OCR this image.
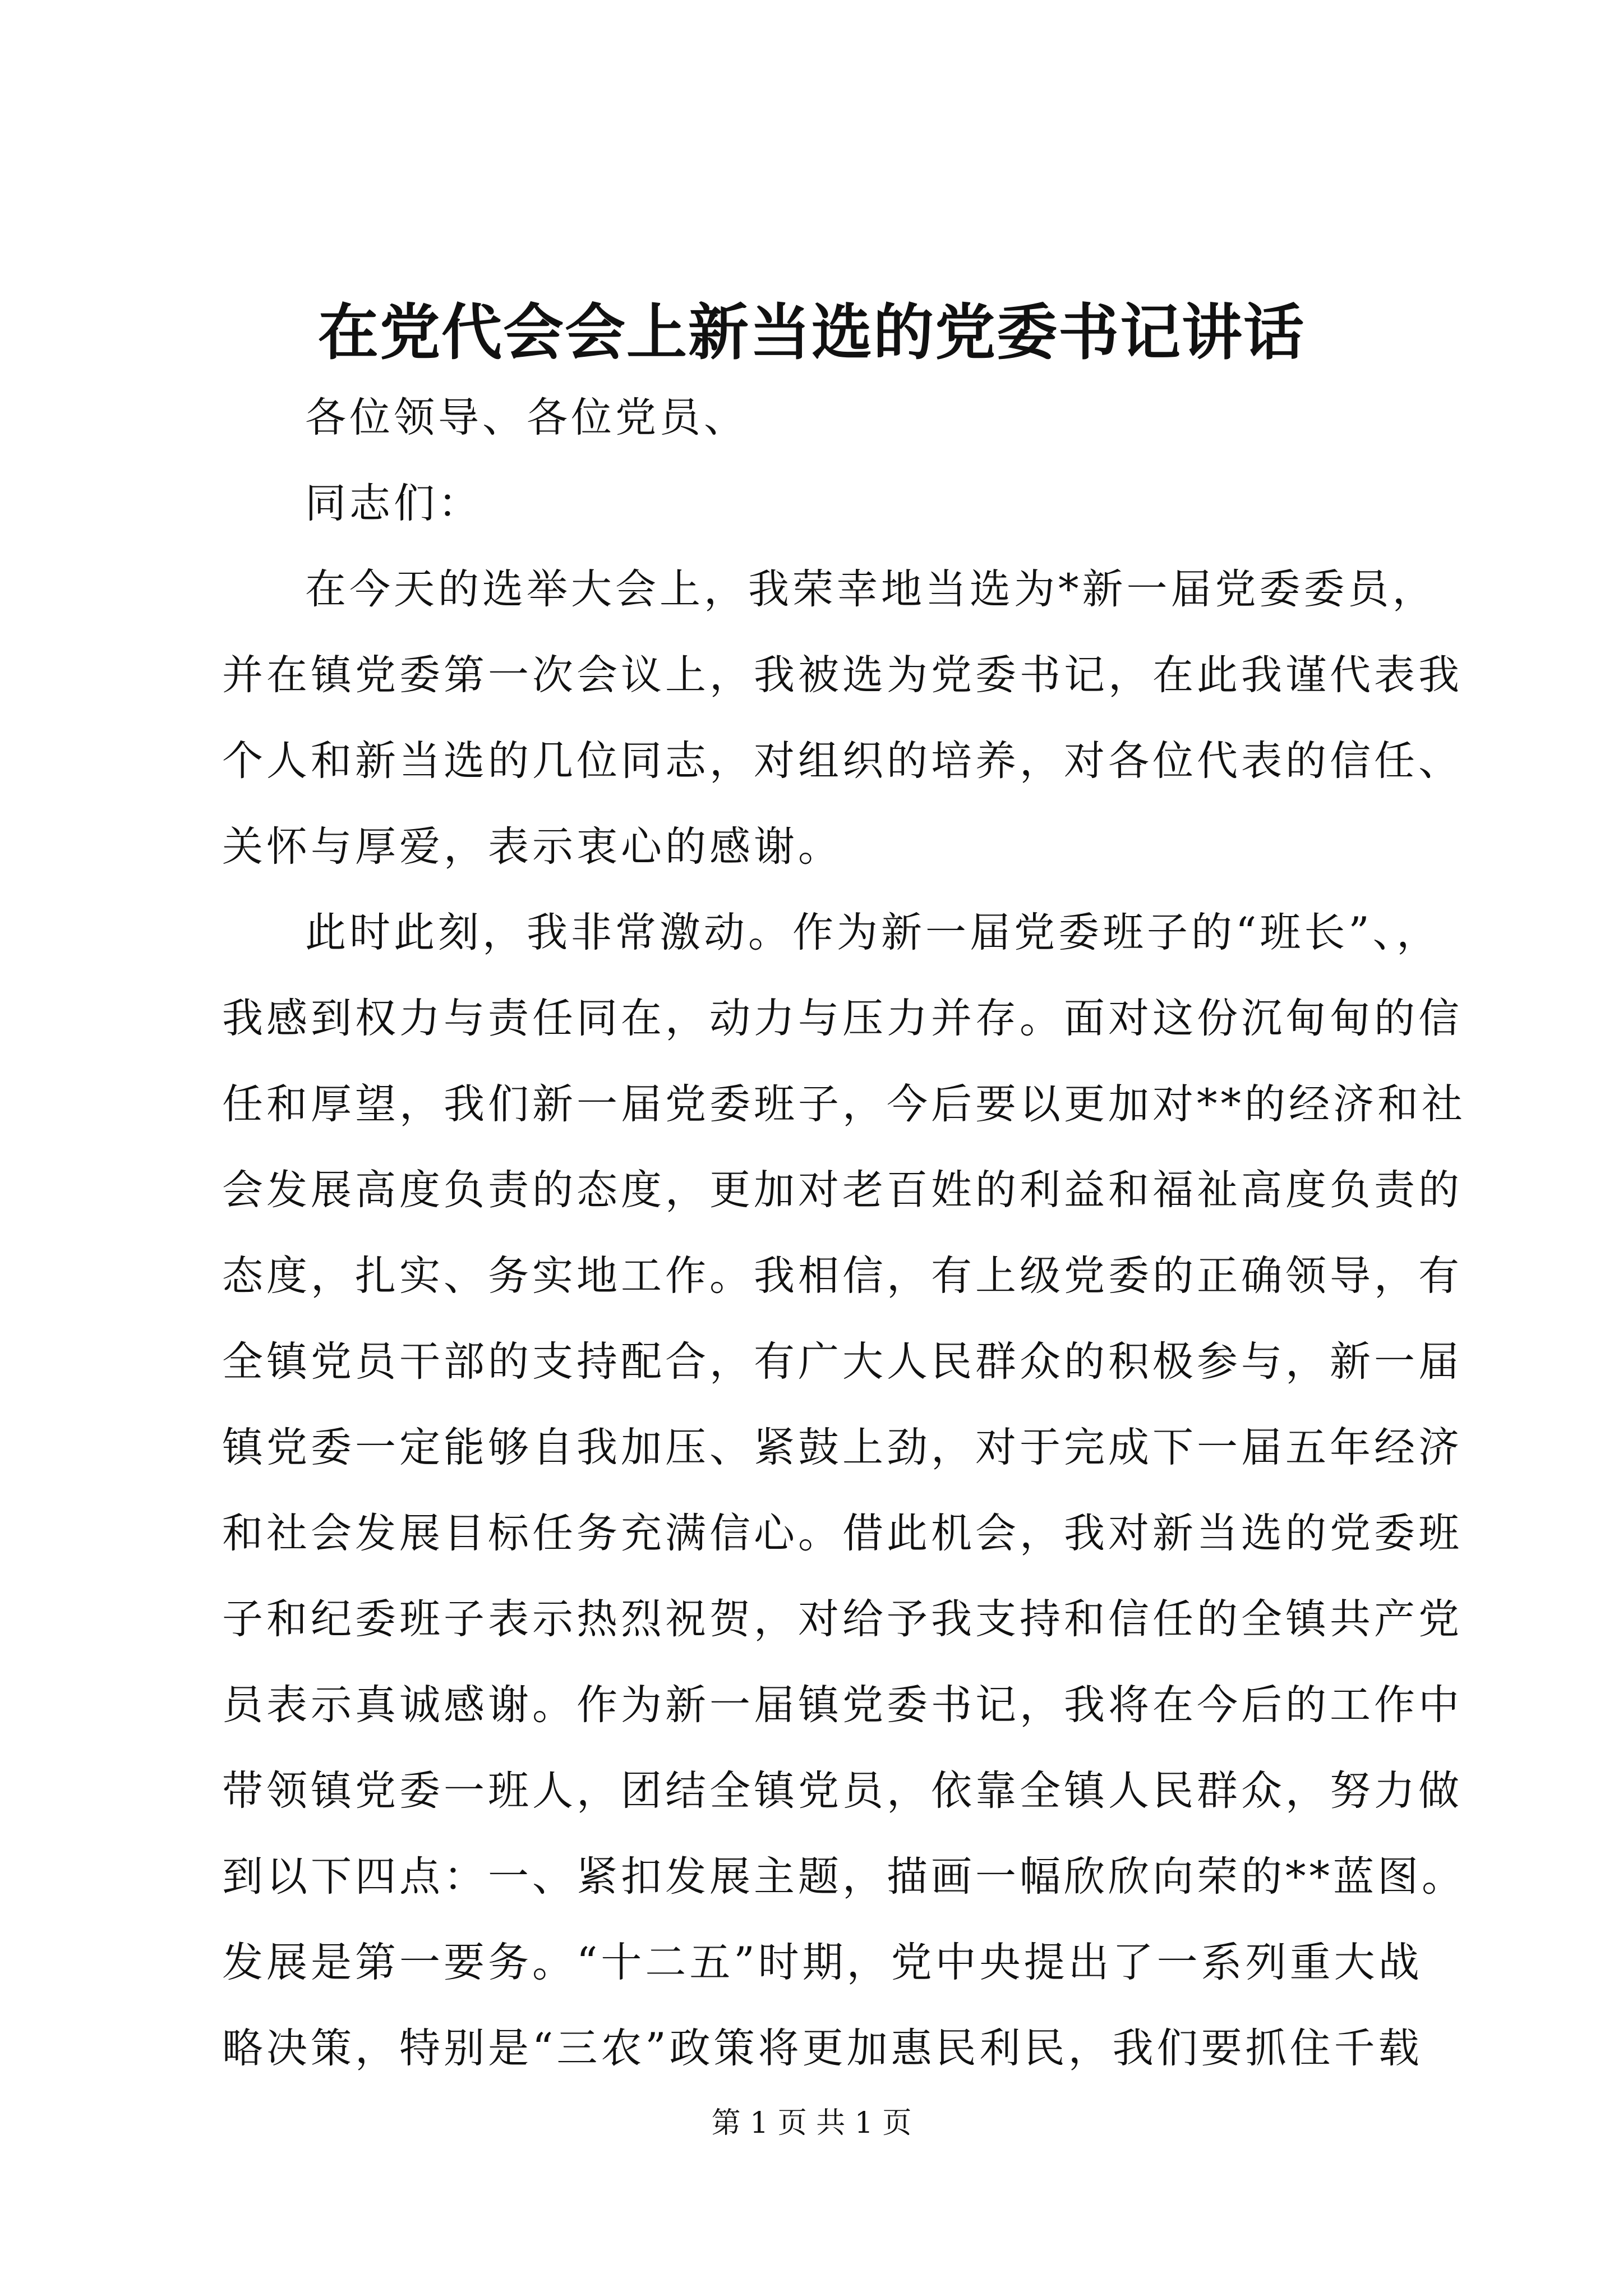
在党代会会上新当选的党委书记讲话
各位领导、各位党员、
同志们：
在今天的选举大会上，我荣幸地当选为*新一届党委委员，
并在镇党委第一次会议上，我被选为党委书记，在此我谨代表我
个人和新当选的几位同志，对组织的培养，对各位代表的信任、
关怀与厚爱，表示衷心的感谢。
此时此刻，我非常激动。作为新一届党委班子的“班长”、，
我感到权力与责任同在，动力与压力并存。面对这份沉甸甸的信
任和厚望，我们新一届党委班子，今后要以更加对**的经济和社
会发展高度负责的态度，更加对老百姓的利益和福祉高度负责的
态度，扎实、务实地工作。我相信，有上级党委的正确领导，有
全镇党员干部的支持配合，有广大人民群众的积极参与，新一届
镇党委一定能够自我加压、紧鼓上劲，对于完成下一届五年经济
和社会发展目标任务充满信心。借此机会，我对新当选的党委班
子和纪委班子表示热烈祝贺，对给予我支持和信任的全镇共产党
员表示真诚感谢。作为新一届镇党委书记，我将在今后的工作中
带领镇党委一班人，团结全镇党员，依靠全镇人民群众，努力做
到以下四点：一、紧扣发展主题，描画一幅欣欣向荣的**蓝图。
发展是第一要务。“十二五”时期，党中央提出了一系列重大战
略决策，特别是“三农”政策将更加惠民利民，我们要抓住千载
第 1 页 共 1 页
